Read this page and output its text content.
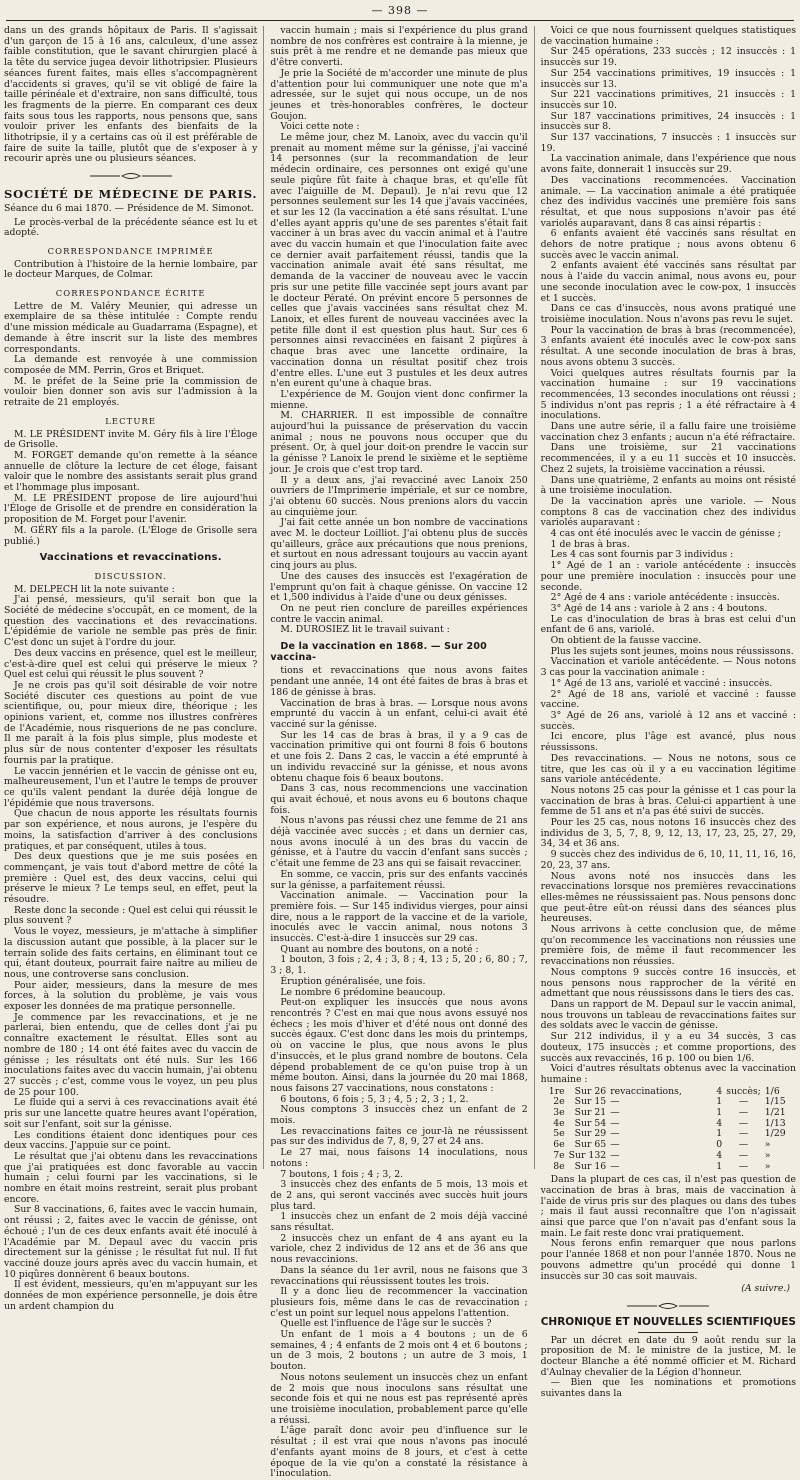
— 398 —

dans un des grands hôpitaux de Paris. Il s'agissait d'un garçon de 15 à 16 ans, calculeux, d'une assez faible constitution, que le savant chirurgien placé à la tête du service jugea devoir lithotripsier. Plusieurs séances furent faites, mais elles s'accompagnèrent d'accidents si graves, qu'il se vit obligé de faire la taille périnéale et d'extraire, non sans difficulté, tous les fragments de la pierre. En comparant ces deux faits sous tous les rapports, nous pensons que, sans vouloir priver les enfants des bienfaits de la lithotripsie, il y a certains cas où il est préférable de faire de suite la taille, plutôt que de s'exposer à y recourir après une ou plusieurs séances.

SOCIÉTÉ DE MÉDECINE DE PARIS.

Séance du 6 mai 1870. — Présidence de M. Simonot.

Le procès-verbal de la précédente séance est lu et adopté.

CORRESPONDANCE IMPRIMÉE

Contribution à l'histoire de la hernie lombaire, par le docteur Marques, de Colmar.

CORRESPONDANCE ÉCRITE

Lettre de M. Valéry Meunier, qui adresse un exemplaire de sa thèse intitulée : Compte rendu d'une mission médicale au Guadarrama (Espagne), et demande à être inscrit sur la liste des membres correspondants.

La demande est renvoyée à une commission composée de MM. Perrin, Gros et Briquet.

M. le préfet de la Seine prie la commission de vouloir bien donner son avis sur l'admission à la retraite de 21 employés.

LECTURE

M. LE PRÉSIDENT invite M. Géry fils à lire l'Éloge de Grisolle.

M. FORGET demande qu'on remette à la séance annuelle de clôture la lecture de cet éloge, faisant valoir que le nombre des assistants serait plus grand et l'hommage plus imposant.

M. LE PRÉSIDENT propose de lire aujourd'hui l'Éloge de Grisolle et de prendre en considération la proposition de M. Forget pour l'avenir.

M. GÉRY fils a la parole. (L'Éloge de Grisolle sera publié.)

Vaccinations et revaccinations.
DISCUSSION.

M. DELPECH lit la note suivante :

J'ai pensé, messieurs, qu'il serait bon que la Société de médecine s'occupât, en ce moment, de la question des vaccinations et des revaccinations. L'épidémie de variole ne semble pas près de finir. C'est donc un sujet à l'ordre du jour.

Des deux vaccins en présence, quel est le meilleur, c'est-à-dire quel est celui qui préserve le mieux ? Quel est celui qui réussit le plus souvent ?

Je ne crois pas qu'il soit désirable de voir notre Société discuter ces questions au point de vue scientifique, ou, pour mieux dire, théorique ; les opinions varient, et, comme nos illustres confrères de l'Académie, nous risquerions de ne pas conclure. Il me paraît à la fois plus simple, plus modeste et plus sûr de nous contenter d'exposer les résultats fournis par la pratique.

Le vaccin jennérien et le vaccin de génisse ont eu, malheureusement, l'un et l'autre le temps de prouver ce qu'ils valent pendant la durée déjà longue de l'épidémie que nous traversons.

Que chacun de nous apporte les résultats fournis par son expérience, et nous aurons, je l'espère du moins, la satisfaction d'arriver à des conclusions pratiques, et par conséquent, utiles à tous.

Des deux questions que je me suis posées en commençant, je vais tout d'abord mettre de côté la première : Quel est, des deux vaccins, celui qui préserve le mieux ? Le temps seul, en effet, peut la résoudre.

Reste donc la seconde : Quel est celui qui réussit le plus souvent ?

Vous le voyez, messieurs, je m'attache à simplifier la discussion autant que possible, à la placer sur le terrain solide des faits certains, en éliminant tout ce qui, étant douteux, pourrait faire naître au milieu de nous, une controverse sans conclusion.

Pour aider, messieurs, dans la mesure de mes forces, à la solution du problème, je vais vous exposer les données de ma pratique personnelle.

Je commence par les revaccinations, et je ne parlerai, bien entendu, que de celles dont j'ai pu connaître exactement le résultat. Elles sont au nombre de 180 ; 14 ont été faites avec du vaccin de génisse ; les résultats ont été nuls. Sur les 166 inoculations faites avec du vaccin humain, j'ai obtenu 27 succès ; c'est, comme vous le voyez, un peu plus de 25 pour 100.

Le fluide qui a servi à ces revaccinations avait été pris sur une lancette quatre heures avant l'opération, soit sur l'enfant, soit sur la génisse.

Les conditions étaient donc identiques pour ces deux vaccins. J'appuie sur ce point.

Le résultat que j'ai obtenu dans les revaccinations que j'ai pratiquées est donc favorable au vaccin humain ; celui fourni par les vaccinations, si le nombre en était moins restreint, serait plus probant encore.

Sur 8 vaccinations, 6, faites avec le vaccin humain, ont réussi ; 2, faites avec le vaccin de génisse, ont échoué ; l'un de ces deux enfants avait été inoculé à l'Académie par M. Depaul avec du vaccin pris directement sur la génisse ; le résultat fut nul. Il fut vacciné douze jours après avec du vaccin humain, et 10 piqûres donnèrent 6 beaux boutons.

Il est évident, messieurs, qu'en m'appuyant sur les données de mon expérience personnelle, je dois être un ardent champion du

vaccin humain ; mais si l'expérience du plus grand nombre de nos confrères est contraire à la mienne, je suis prêt à me rendre et ne demande pas mieux que d'être converti.

Je prie la Société de m'accorder une minute de plus d'attention pour lui communiquer une note que m'a adressée, sur le sujet qui nous occupe, un de nos jeunes et très-honorables confrères, le docteur Goujon.

Voici cette note :

Le même jour, chez M. Lanoix, avec du vaccin qu'il prenait au moment même sur la génisse, j'ai vacciné 14 personnes (sur la recommandation de leur médecin ordinaire, ces personnes ont exigé qu'une seule piqûre fût faite à chaque bras, et qu'elle fût avec l'aiguille de M. Depaul). Je n'ai revu que 12 personnes seulement sur les 14 que j'avais vaccinées, et sur les 12 (la vaccination a été sans résultat. L'une d'elles ayant appris qu'une de ses parentes s'était fait vacciner à un bras avec du vaccin animal et à l'autre avec du vaccin humain et que l'inoculation faite avec ce dernier avait parfaitement réussi, tandis que la vaccination animale avait été sans résultat, me demanda de la vacciner de nouveau avec le vaccin pris sur une petite fille vaccinée sept jours avant par le docteur Pératé. On prévint encore 5 personnes de celles que j'avais vaccinées sans résultat chez M. Lanoix, et elles furent de nouveau vaccinées avec la petite fille dont il est question plus haut. Sur ces 6 personnes ainsi revaccinées en faisant 2 piqûres à chaque bras avec une lancette ordinaire, la vaccination donna un résultat positif chez trois d'entre elles. L'une eut 3 pustules et les deux autres n'en eurent qu'une à chaque bras.

L'expérience de M. Goujon vient donc confirmer la mienne.

M. CHARRIER. Il est impossible de connaître aujourd'hui la puissance de préservation du vaccin animal ; nous ne pouvons nous occuper que du présent. Or, à quel jour doit-on prendre le vaccin sur la génisse ? Lanoix le prend le sixième et le septième jour. Je crois que c'est trop tard.

Il y a deux ans, j'ai revacciné avec Lanoix 250 ouvriers de l'Imprimerie impériale, et sur ce nombre, j'ai obtenu 60 succès. Nous prenions alors du vaccin au cinquième jour.

J'ai fait cette année un bon nombre de vaccinations avec M. le docteur Loilliot. J'ai obtenu plus de succès qu'ailleurs, grâce aux précautions que nous prenions, et surtout en nous adressant toujours au vaccin ayant cinq jours au plus.

Une des causes des insuccès est l'exagération de l'emprunt qu'on fait à chaque génisse. On vaccine 12 et 1,500 individus à l'aide d'une ou deux génisses.

On ne peut rien conclure de pareilles expériences contre le vaccin animal.

M. DUROSIEZ lit le travail suivant :

De la vaccination en 1868. — Sur 200 vaccina-

tions et revaccinations que nous avons faites pendant une année, 14 ont été faites de bras à bras et 186 de génisse à bras.

Vaccination de bras à bras. — Lorsque nous avons emprunté du vaccin à un enfant, celui-ci avait été vacciné sur la génisse.

Sur les 14 cas de bras à bras, il y a 9 cas de vaccination primitive qui ont fourni 8 fois 6 boutons et une fois 2. Dans 2 cas, le vaccin a été emprunté à un individu revacciné sur la génisse, et nous avons obtenu chaque fois 6 beaux boutons.

Dans 3 cas, nous recommencions une vaccination qui avait échoué, et nous avons eu 6 boutons chaque fois.

Nous n'avons pas réussi chez une femme de 21 ans déjà vaccinée avec succès ; et dans un dernier cas, nous avons inoculé à un des bras du vaccin de génisse, et à l'autre du vaccin d'enfant sans succès ; c'était une femme de 23 ans qui se faisait revacciner.

En somme, ce vaccin, pris sur des enfants vaccinés sur la génisse, a parfaitement réussi.

Vaccination animale. — Vaccination pour la première fois. — Sur 145 individus vierges, pour ainsi dire, nous a le rapport de la vaccine et de la variole, inoculés avec le vaccin animal, nous notons 3 insuccès. C'est-à-dire 1 insuccès sur 29 cas.

Quant au nombre des boutons, on a noté :

1 bouton, 3 fois ; 2, 4 ; 3, 8 ; 4, 13 ; 5, 20 ; 6, 80 ; 7, 3 ; 8, 1.

Éruption généralisée, une fois.

Le nombre 6 prédomine beaucoup.

Peut-on expliquer les insuccès que nous avons rencontrés ? C'est en mai que nous avons essuyé nos échecs ; les mois d'hiver et d'été nous ont donné des succès égaux. C'est donc dans les mois du printemps, où on vaccine le plus, que nous avons le plus d'insuccès, et le plus grand nombre de boutons. Cela dépend probablement de ce qu'on puise trop à un même bouton. Ainsi, dans la journée du 20 mai 1868, nous faisons 27 vaccinations, nous constatons :

6 boutons, 6 fois ; 5, 3 ; 4, 5 ; 2, 3 ; 1, 2.

Nous comptons 3 insuccès chez un enfant de 2 mois.

Les revaccinations faites ce jour-là ne réussissent pas sur des individus de 7, 8, 9, 27 et 24 ans.

Le 27 mai, nous faisons 14 inoculations, nous notons :

7 boutons, 1 fois ; 4 ; 3, 2.

3 insuccès chez des enfants de 5 mois, 13 mois et de 2 ans, qui seront vaccinés avec succès huit jours plus tard.

1 insuccès chez un enfant de 2 mois déjà vacciné sans résultat.

2 insuccès chez un enfant de 4 ans ayant eu la variole, chez 2 individus de 12 ans et de 36 ans que nous revaccinions.

Dans la séance du 1er avril, nous ne faisons que 3 revaccinations qui réussissent toutes les trois.

Il y a donc lieu de recommencer la vaccination plusieurs fois, même dans le cas de revaccination ; c'est un point sur lequel nous appelons l'attention.

Quelle est l'influence de l'âge sur le succès ?

Un enfant de 1 mois a 4 boutons ; un de 6 semaines, 4 ; 4 enfants de 2 mois ont 4 et 6 boutons ; un de 3 mois, 2 boutons ; un autre de 3 mois, 1 bouton.

Nous notons seulement un insuccès chez un enfant de 2 mois que nous inoculons sans résultat une seconde fois et qui ne nous est pas représenté après une troisième inoculation, probablement parce qu'elle a réussi.

L'âge paraît donc avoir peu d'influence sur le résultat ; il est vrai que nous n'avons pas inoculé d'enfants ayant moins de 8 jours, et c'est à cette époque de la vie qu'on a constaté la résistance à l'inoculation.

Voici ce que nous fournissent quelques statistiques de vaccination humaine :

Sur 245 opérations, 233 succès ; 12 insuccès : 1 insuccès sur 19.

Sur 254 vaccinations primitives, 19 insuccès : 1 insuccès sur 13.

Sur 221 vaccinations primitives, 21 insuccès : 1 insuccès sur 10.

Sur 187 vaccinations primitives, 24 insuccès : 1 insuccès sur 8.

Sur 137 vaccinations, 7 insuccès : 1 insuccès sur 19.

La vaccination animale, dans l'expérience que nous avons faite, donnerait 1 insuccès sur 29.

Des vaccinations recommencées. Vaccination animale. — La vaccination animale a été pratiquée chez des individus vaccinés une première fois sans résultat, et que nous supposions n'avoir pas été variolés auparavant, dans 8 cas ainsi répartis :

6 enfants avaient été vaccinés sans résultat en dehors de notre pratique ; nous avons obtenu 6 succès avec le vaccin animal.

2 enfants avaient été vaccinés sans résultat par nous à l'aide du vaccin animal, nous avons eu, pour une seconde inoculation avec le cow-pox, 1 insuccès et 1 succès.

Dans ce cas d'insuccès, nous avons pratiqué une troisième inoculation. Nous n'avons pas revu le sujet.

Pour la vaccination de bras à bras (recommencée), 3 enfants avaient été inoculés avec le cow-pox sans résultat. A une seconde inoculation de bras à bras, nous avons obtenu 3 succès.

Voici quelques autres résultats fournis par la vaccination humaine : sur 19 vaccinations recommencées, 13 secondes inoculations ont réussi ; 5 individus n'ont pas repris ; 1 a été réfractaire à 4 inoculations.

Dans une autre série, il a fallu faire une troisième vaccination chez 3 enfants ; aucun n'a été réfractaire.

Dans une troisième, sur 21 vaccinations recommencées, il y a eu 11 succès et 10 insuccès. Chez 2 sujets, la troisième vaccination a réussi.

Dans une quatrième, 2 enfants au moins ont résisté à une troisième inoculation.

De la vaccination après une variole. — Nous comptons 8 cas de vaccination chez des individus variolés auparavant :

4 cas ont été inoculés avec le vaccin de génisse ;

1 de bras à bras.

Les 4 cas sont fournis par 3 individus :

1° Agé de 1 an : variole antécédente : insuccès pour une première inoculation : insuccès pour une seconde.

2° Agé de 4 ans : variole antécédente : insuccès.

3° Agé de 14 ans : variole à 2 ans : 4 boutons.

Le cas d'inoculation de bras à bras est celui d'un enfant de 6 ans, variolé.

On obtient de la fausse vaccine.

Plus les sujets sont jeunes, moins nous réussissons.

Vaccination et variole antécédente. — Nous notons 3 cas pour la vaccination animale :

1° Agé de 13 ans, variolé et vacciné : insuccès.

2° Agé de 18 ans, variolé et vacciné : fausse vaccine.

3° Agé de 26 ans, variolé à 12 ans et vacciné : succès.

Ici encore, plus l'âge est avancé, plus nous réussissons.

Des revaccinations. — Nous ne notons, sous ce titre, que les cas où il y a eu vaccination légitime sans variole antécédente.

Nous notons 25 cas pour la génisse et 1 cas pour la vaccination de bras à bras. Celui-ci appartient à une femme de 51 ans et n'a pas été suivi de succès.

Pour les 25 cas, nous notons 16 insuccès chez des individus de 3, 5, 7, 8, 9, 12, 13, 17, 23, 25, 27, 29, 34, 34 et 36 ans.

9 succès chez des individus de 6, 10, 11, 11, 16, 16, 20, 23, 37 ans.

Nous avons noté nos insuccès dans les revaccinations lorsque nos premières revaccinations elles-mêmes ne réussissaient pas. Nous pensons donc que peut-être eût-on réussi dans des séances plus heureuses.

Nous arrivons à cette conclusion que, de même qu'on recommence les vaccinations non réussies une première fois, de même il faut recommencer les revaccinations non réussies.

Nous comptons 9 succès contre 16 insuccès, et nous pensons nous rapprocher de la vérité en admettant que nous réussissons dans le tiers des cas.

Dans un rapport de M. Depaul sur le vaccin animal, nous trouvons un tableau de revaccinations faites sur des soldats avec le vaccin de génisse.

Sur 212 individus, il y a eu 34 succès, 3 cas douteux, 175 insuccès ; et comme proportions, des succès aux revaccinés, 16 p. 100 ou bien 1/6.

Voici d'autres résultats obtenus avec la vaccination humaine :

1re	Sur 26	revaccinations,	4	succès;	1/6
2e	Sur 15	—	1	—	1/15
3e	Sur 21	—	1	—	1/21
4e	Sur 54	—	4	—	1/13
5e	Sur 29	—	1	—	1/29
6e	Sur 65	—	0	—	»
7e	Sur 132	—	4	—	»
8e	Sur 16	—	1	—	»

Dans la plupart de ces cas, il n'est pas question de vaccination de bras à bras, mais de vaccination à l'aide de virus pris sur des plaques ou dans des tubes ; mais il faut aussi reconnaître que l'on n'agissait ainsi que parce que l'on n'avait pas d'enfant sous la main. Le fait reste donc vrai pratiquement.

Nous ferons enfin remarquer que nous parlons pour l'année 1868 et non pour l'année 1870. Nous ne pouvons admettre qu'un procédé qui donne 1 insuccès sur 30 cas soit mauvais.

(A suivre.)
CHRONIQUE ET NOUVELLES SCIENTIFIQUES

Par un décret en date du 9 août rendu sur la proposition de M. le ministre de la justice, M. le docteur Blanche a été nommé officier et M. Richard d'Aulnay chevalier de la Légion d'honneur.

— Bien que les nominations et promotions suivantes dans la
